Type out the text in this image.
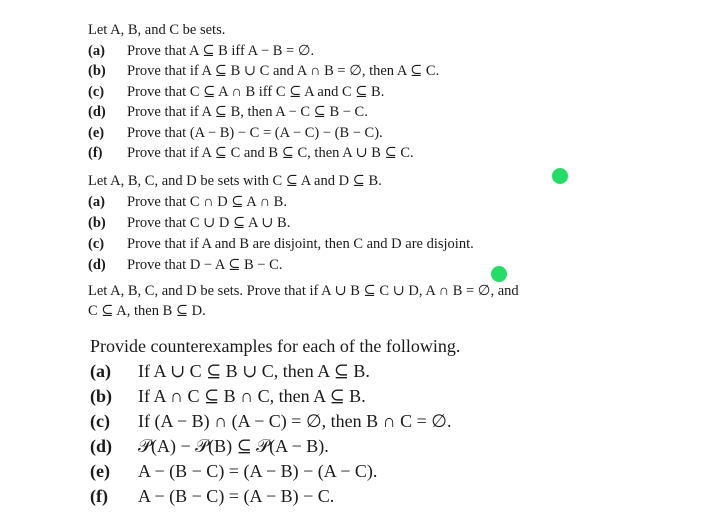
Let A, B, and C be sets.
(a) Prove that A ⊆ B iff A − B = ∅.
(b) Prove that if A ⊆ B ∪ C and A ∩ B = ∅, then A ⊆ C.
(c) Prove that C ⊆ A ∩ B iff C ⊆ A and C ⊆ B.
(d) Prove that if A ⊆ B, then A − C ⊆ B − C.
(e) Prove that (A − B) − C = (A − C) − (B − C).
(f) Prove that if A ⊆ C and B ⊆ C, then A ∪ B ⊆ C.
Let A, B, C, and D be sets with C ⊆ A and D ⊆ B.
(a) Prove that C ∩ D ⊆ A ∩ B.
(b) Prove that C ∪ D ⊆ A ∪ B.
(c) Prove that if A and B are disjoint, then C and D are disjoint.
(d) Prove that D − A ⊆ B − C.
Let A, B, C, and D be sets. Prove that if A ∪ B ⊆ C ∪ D, A ∩ B = ∅, and
C ⊆ A, then B ⊆ D.
Provide counterexamples for each of the following.
(a) If A ∪ C ⊆ B ∪ C, then A ⊆ B.
(b) If A ∩ C ⊆ B ∩ C, then A ⊆ B.
(c) If (A − B) ∩ (A − C) = ∅, then B ∩ C = ∅.
(d) 𝒫(A) − 𝒫(B) ⊆ 𝒫(A − B).
(e) A − (B − C) = (A − B) − (A − C).
(f) A − (B − C) = (A − B) − C.
